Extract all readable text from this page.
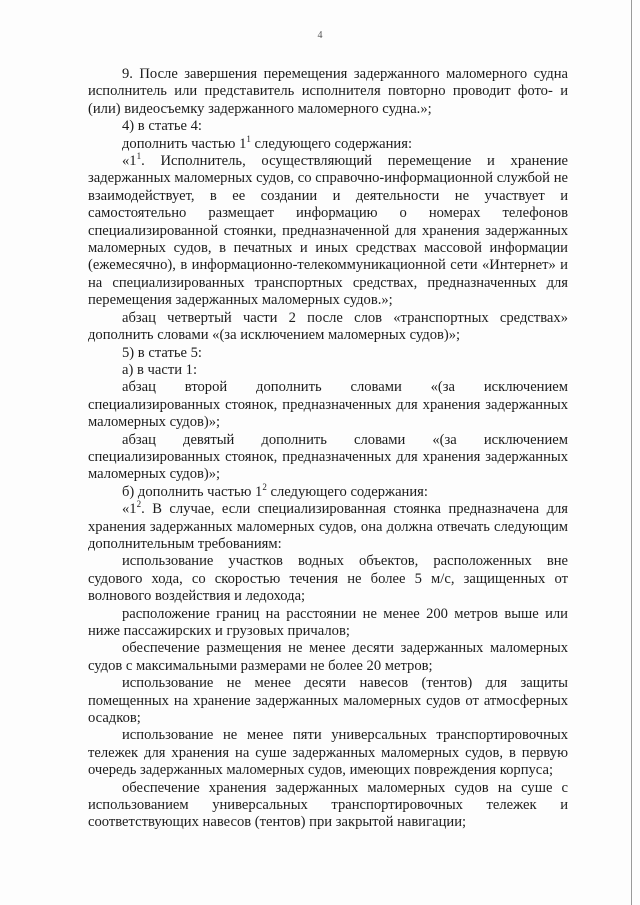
4

9. После завершения перемещения задержанного маломерного судна исполнитель или представитель исполнителя повторно проводит фото- и (или) видеосъемку задержанного маломерного судна.»;

4) в статье 4:

дополнить частью $1^1$ следующего содержания:

«$1^1$. Исполнитель, осуществляющий перемещение и хранение задержанных маломерных судов, со справочно-информационной службой не взаимодействует, в ее создании и деятельности не участвует и самостоятельно размещает информацию о номерах телефонов специализированной стоянки, предназначенной для хранения задержанных маломерных судов, в печатных и иных средствах массовой информации (ежемесячно), в информационно-телекоммуникационной сети «Интернет» и на специализированных транспортных средствах, предназначенных для перемещения задержанных маломерных судов.»;

абзац четвертый части 2 после слов «транспортных средствах» дополнить словами «(за исключением маломерных судов)»;

5) в статье 5:

а) в части 1:

абзац второй дополнить словами «(за исключением специализированных стоянок, предназначенных для хранения задержанных маломерных судов)»;

абзац девятый дополнить словами «(за исключением специализированных стоянок, предназначенных для хранения задержанных маломерных судов)»;

б) дополнить частью $1^2$ следующего содержания:

«$1^2$. В случае, если специализированная стоянка предназначена для хранения задержанных маломерных судов, она должна отвечать следующим дополнительным требованиям:

использование участков водных объектов, расположенных вне судового хода, со скоростью течения не более 5 м/с, защищенных от волнового воздействия и ледохода;

расположение границ на расстоянии не менее 200 метров выше или ниже пассажирских и грузовых причалов;

обеспечение размещения не менее десяти задержанных маломерных судов с максимальными размерами не более 20 метров;

использование не менее десяти навесов (тентов) для защиты помещенных на хранение задержанных маломерных судов от атмосферных осадков;

использование не менее пяти универсальных транспортировочных тележек для хранения на суше задержанных маломерных судов, в первую очередь задержанных маломерных судов, имеющих повреждения корпуса;

обеспечение хранения задержанных маломерных судов на суше с использованием универсальных транспортировочных тележек и соответствующих навесов (тентов) при закрытой навигации;
